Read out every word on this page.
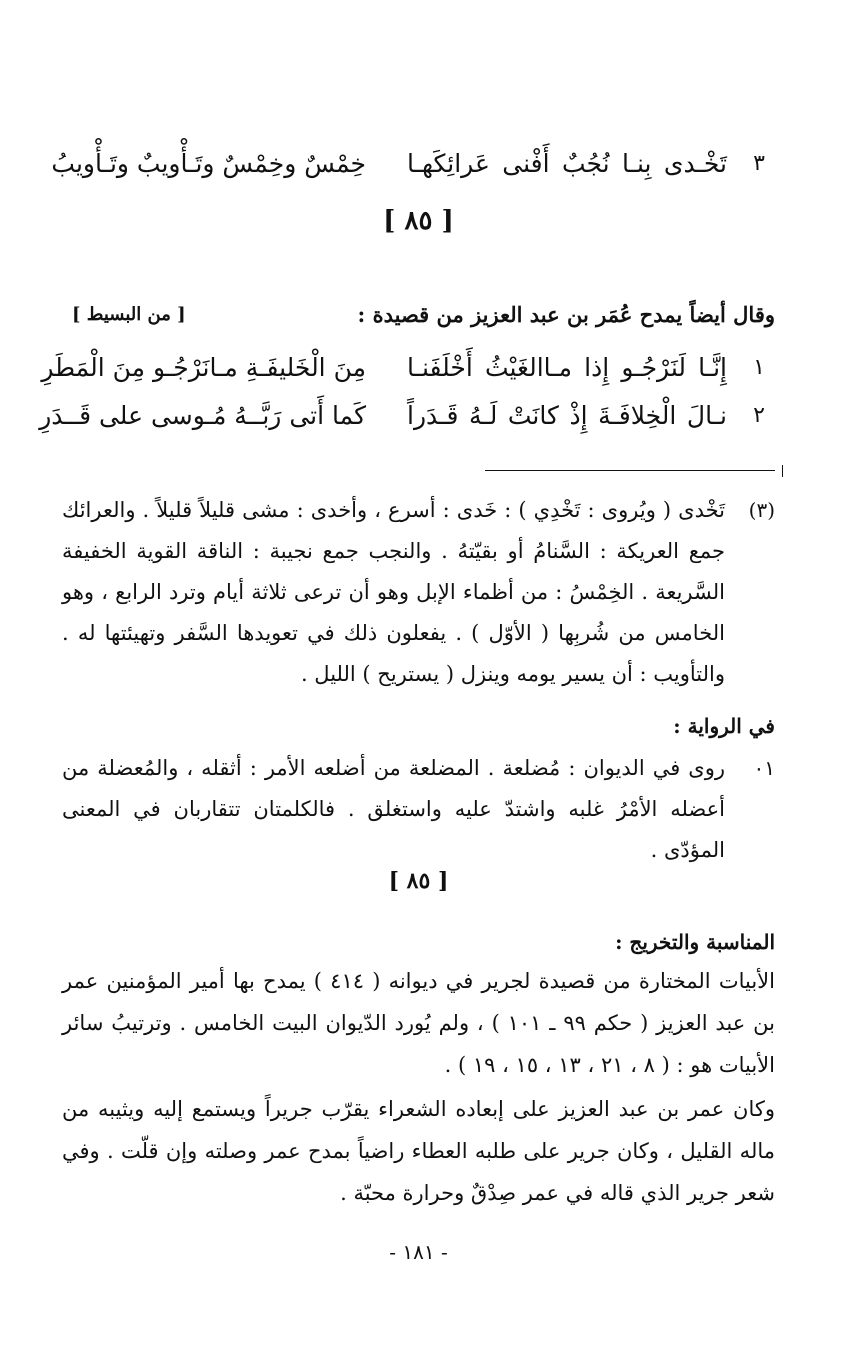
٣
تَخْـدى بِنـا نُجُبٌ أَفْنى عَرائِكَهـا
خِمْسٌ وخِمْسٌ وتَـأْويبٌ وتَـأْويبُ
[ ٨٥ ]
وقال أيضاً يمدح عُمَر بن عبد العزيز من قصيدة :
[ من البسيط ]
١
إِنَّـا لَنَرْجُـو إِذا مـاالغَيْثُ أَخْلَفَنـا
مِنَ الْخَليفَـةِ مـانَرْجُـو مِنَ الْمَطَرِ
٢
نـالَ الْخِلافَـةَ إِذْ كانَتْ لَـهُ قَـدَراً
كَما أَتى رَبَّــهُ مُـوسى على قَــدَرِ
(٣)
تَخْدى ( ويُروى : تَخْدِي ) : خَدى : أسرع ، وأخدى : مشى قليلاً قليلاً . والعرائك جمع العريكة : السَّنامُ أو بقيّتهُ . والنجب جمع نجيبة : الناقة القوية الخفيفة السَّريعة . الخِمْسُ : من أظماء الإبل وهو أن ترعى ثلاثة أيام وترد الرابع ، وهو الخامس من شُربِها ( الأوّل ) . يفعلون ذلك في تعويدها السَّفر وتهيئتها له . والتأويب : أن يسير يومه وينزل ( يستريح ) الليل .
في الرواية :
٠١
روى في الديوان : مُضلعة . المضلعة من أضلعه الأمر : أثقله ، والمُعضلة من أعضله الأمْرُ غلبه واشتدّ عليه واستغلق . فالكلمتان تتقاربان في المعنى المؤدّى .
[ ٨٥ ]
المناسبة والتخريج :
الأبيات المختارة من قصيدة لجرير في ديوانه ( ٤١٤ ) يمدح بها أمير المؤمنين عمر بن عبد العزيز ( حكم ٩٩ ـ ١٠١ ) ، ولم يُورد الدّيوان البيت الخامس . وترتيبُ سائر الأبيات هو : ( ٨ ، ٢١ ، ١٣ ، ١٥ ، ١٩ ) .
وكان عمر بن عبد العزيز على إبعاده الشعراء يقرّب جريراً ويستمع إليه ويثيبه من ماله القليل ، وكان جرير على طلبه العطاء راضياً بمدح عمر وصلته وإن قلّت . وفي شعر جرير الذي قاله في عمر صِدْقٌ وحرارة محبّة .
- ١٨١ -
